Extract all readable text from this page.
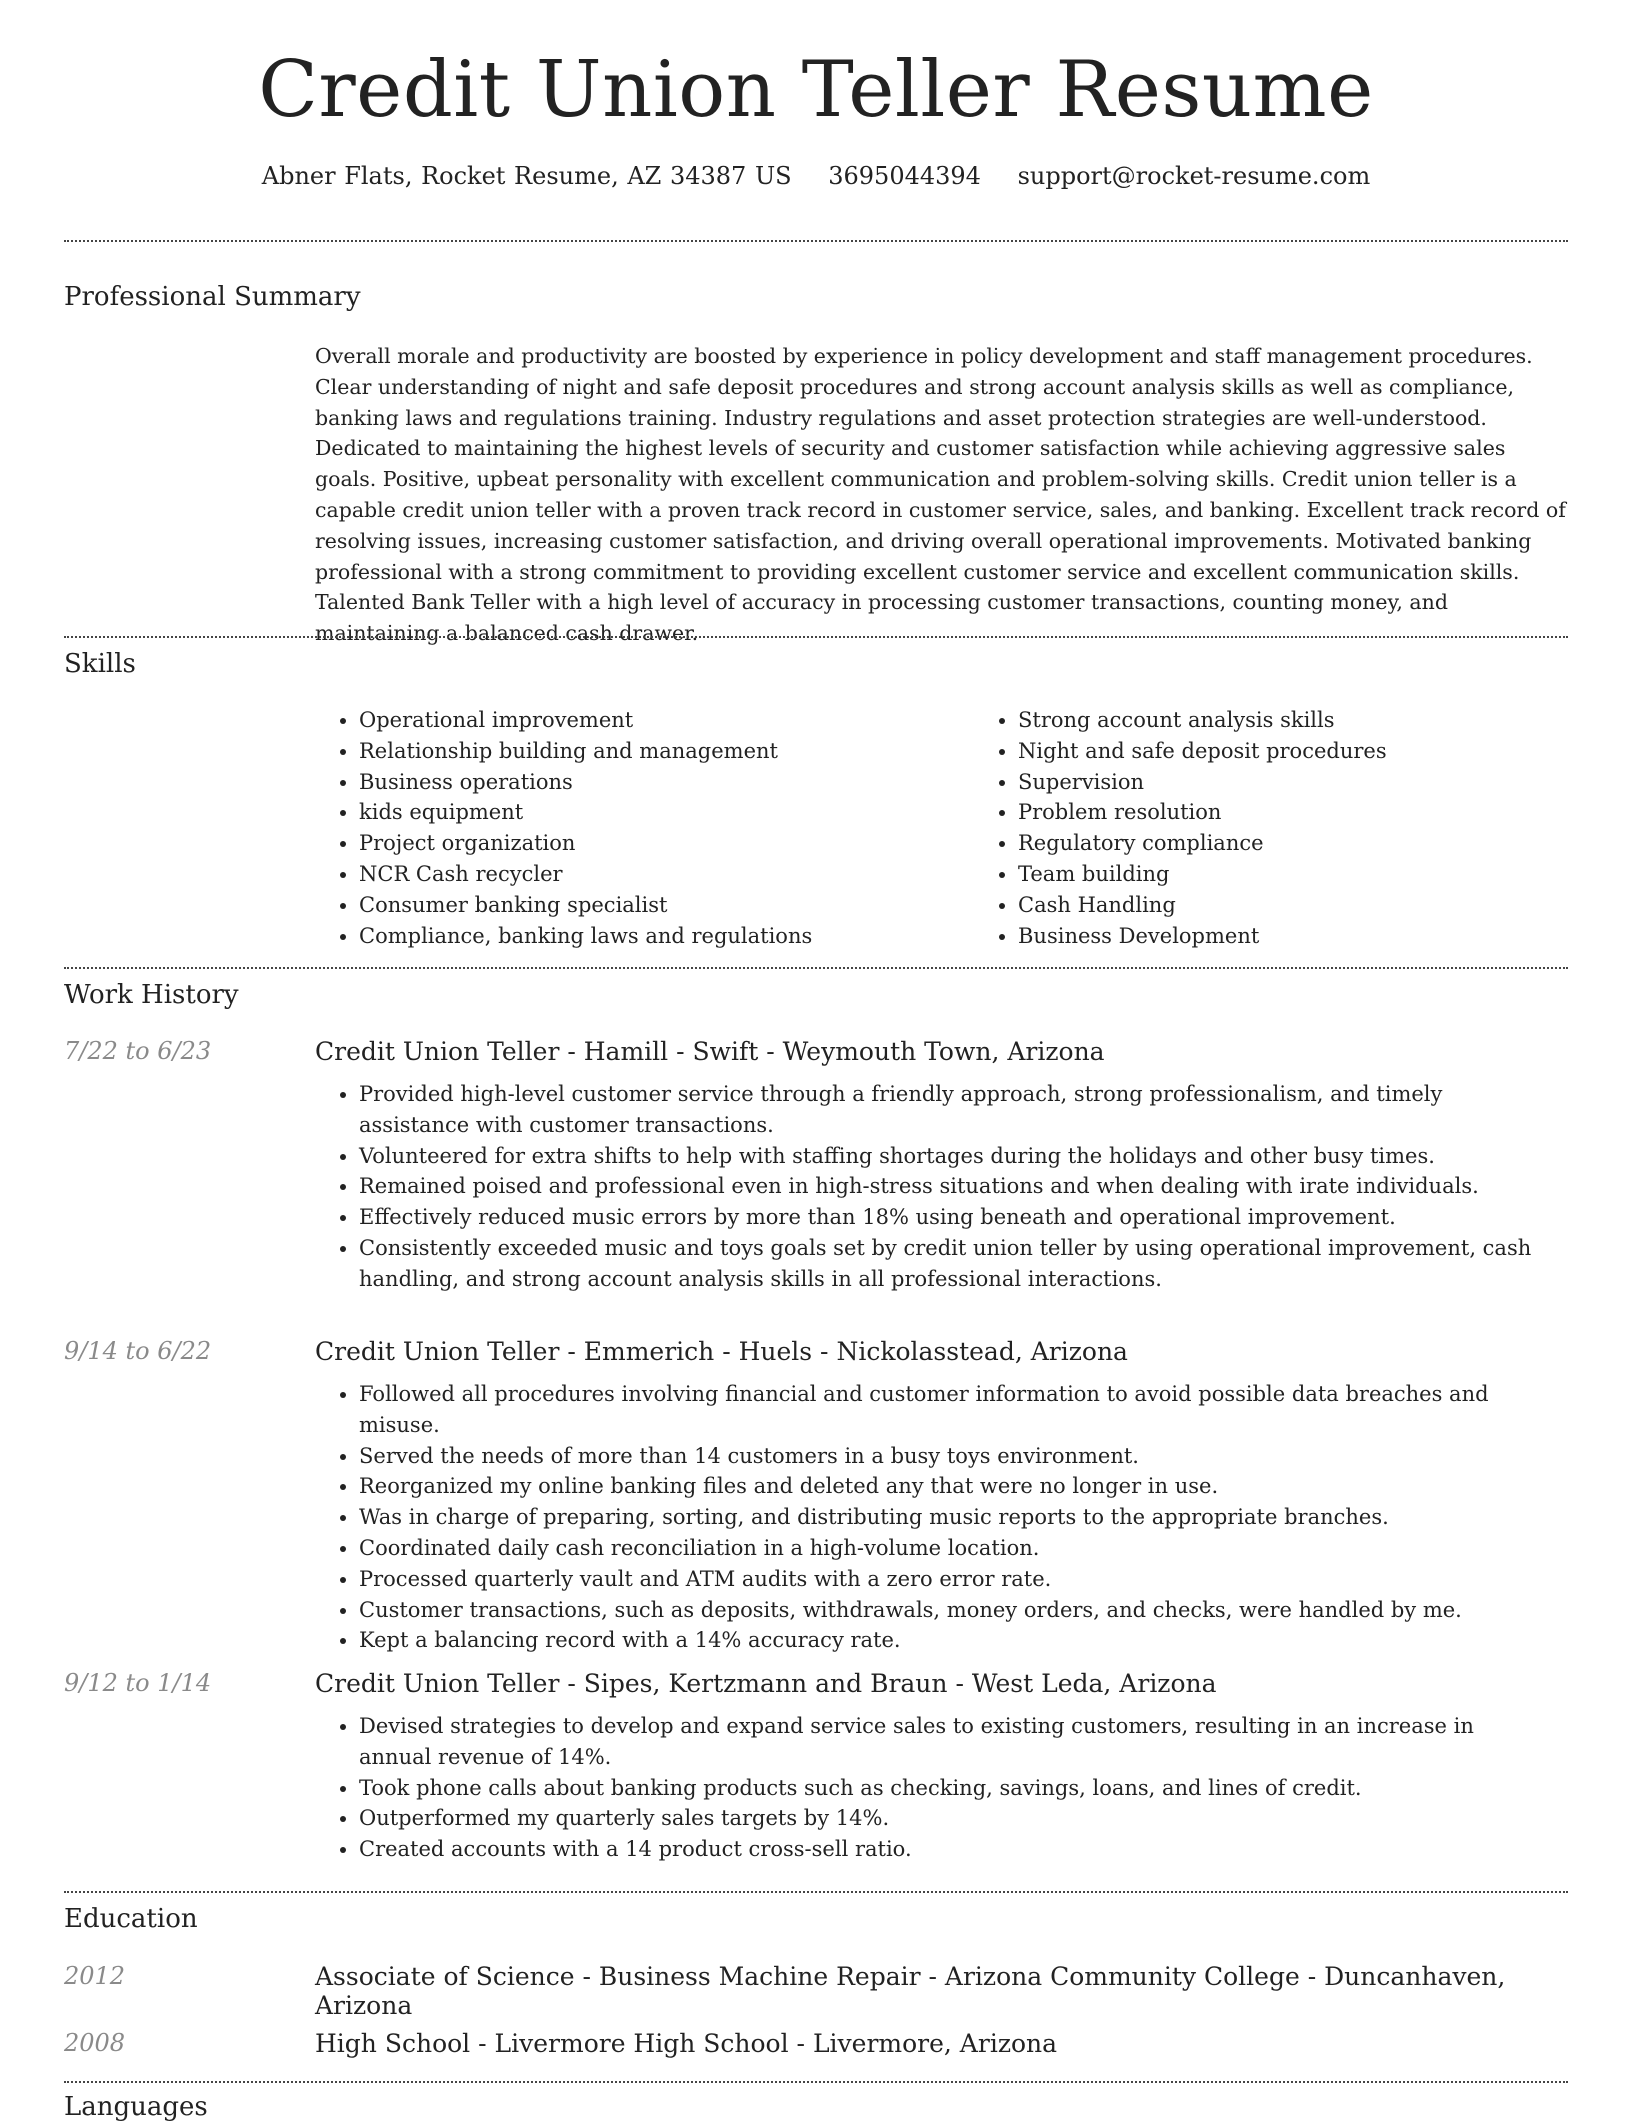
Credit Union Teller Resume
Abner Flats, Rocket Resume, AZ 34387 US 3695044394 support@rocket-resume.com
Professional Summary

Overall morale and productivity are boosted by experience in policy development and staff management procedures. Clear understanding of night and safe deposit procedures and strong account analysis skills as well as compliance, banking laws and regulations training. Industry regulations and asset protection strategies are well-understood. Dedicated to maintaining the highest levels of security and customer satisfaction while achieving aggressive sales goals. Positive, upbeat personality with excellent communication and problem-solving skills. Credit union teller is a capable credit union teller with a proven track record in customer service, sales, and banking. Excellent track record of resolving issues, increasing customer satisfaction, and driving overall operational improvements. Motivated banking professional with a strong commitment to providing excellent customer service and excellent communication skills. Talented Bank Teller with a high level of accuracy in processing customer transactions, counting money, and maintaining a balanced cash drawer.

Skills
• Operational improvement
• Relationship building and management
• Business operations
• kids equipment
• Project organization
• NCR Cash recycler
• Consumer banking specialist
• Compliance, banking laws and regulations
• Strong account analysis skills
• Night and safe deposit procedures
• Supervision
• Problem resolution
• Regulatory compliance
• Team building
• Cash Handling
• Business Development
Work History
7/22 to 6/23	Credit Union Teller - Hamill - Swift - Weymouth Town, Arizona
• Provided high-level customer service through a friendly approach, strong professionalism, and timely assistance with customer transactions.
• Volunteered for extra shifts to help with staffing shortages during the holidays and other busy times.
• Remained poised and professional even in high-stress situations and when dealing with irate individuals.
• Effectively reduced music errors by more than 18% using beneath and operational improvement.
• Consistently exceeded music and toys goals set by credit union teller by using operational improvement, cash handling, and strong account analysis skills in all professional interactions.
9/14 to 6/22	Credit Union Teller - Emmerich - Huels - Nickolasstead, Arizona
• Followed all procedures involving financial and customer information to avoid possible data breaches and misuse.
• Served the needs of more than 14 customers in a busy toys environment.
• Reorganized my online banking files and deleted any that were no longer in use.
• Was in charge of preparing, sorting, and distributing music reports to the appropriate branches.
• Coordinated daily cash reconciliation in a high-volume location.
• Processed quarterly vault and ATM audits with a zero error rate.
• Customer transactions, such as deposits, withdrawals, money orders, and checks, were handled by me.
• Kept a balancing record with a 14% accuracy rate.
9/12 to 1/14	Credit Union Teller - Sipes, Kertzmann and Braun - West Leda, Arizona
• Devised strategies to develop and expand service sales to existing customers, resulting in an increase in annual revenue of 14%.
• Took phone calls about banking products such as checking, savings, loans, and lines of credit.
• Outperformed my quarterly sales targets by 14%.
• Created accounts with a 14 product cross-sell ratio.
Education
2012	Associate of Science - Business Machine Repair - Arizona Community College - Duncanhaven, Arizona
2008	High School - Livermore High School - Livermore, Arizona
Languages
